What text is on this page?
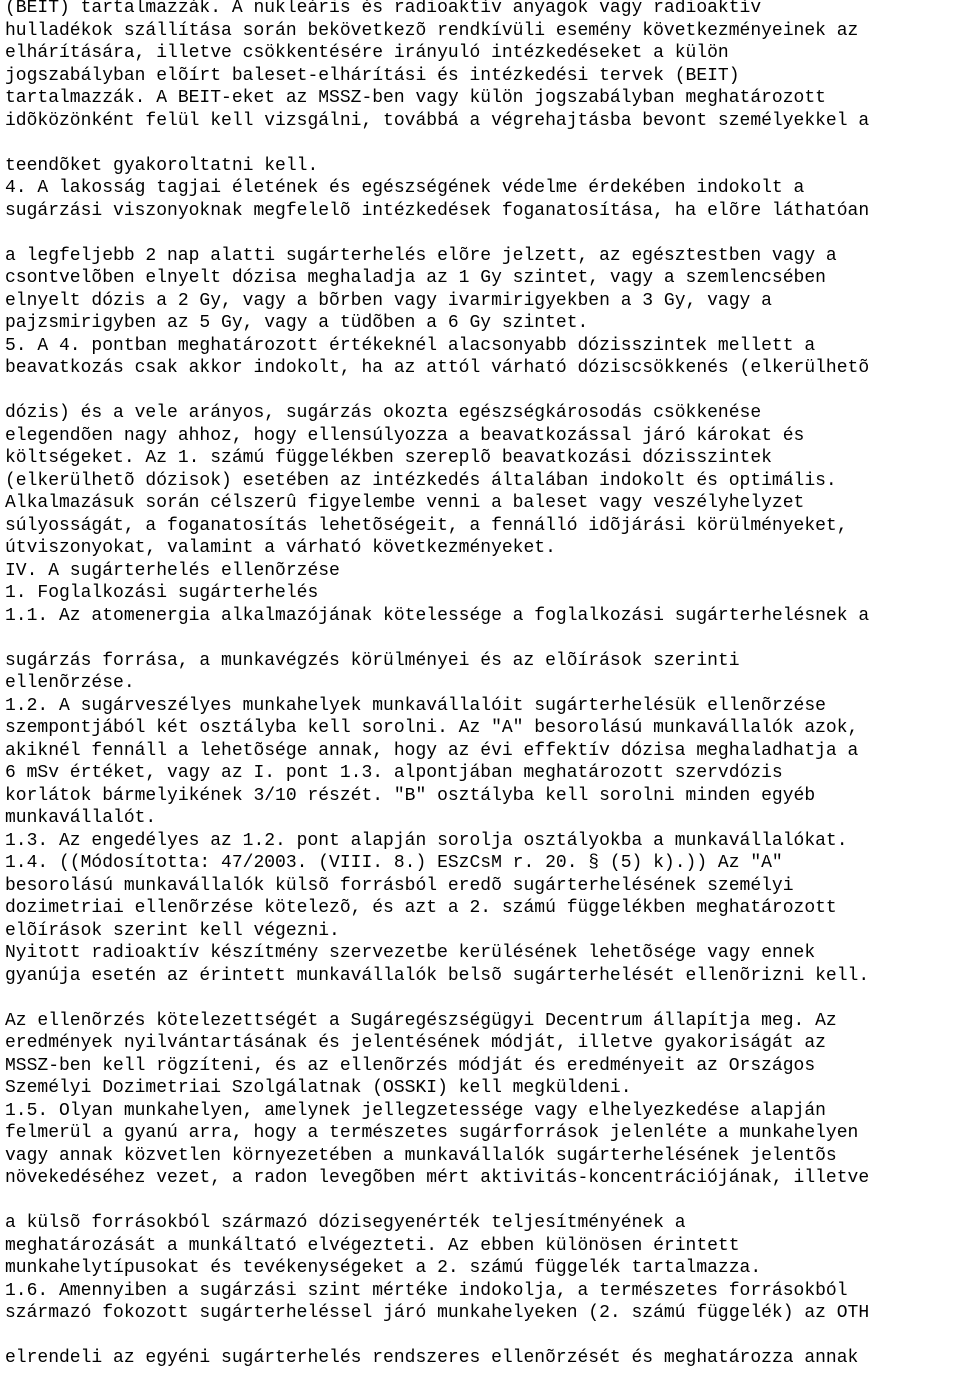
(BEIT) tartalmazzák. A nukleáris és radioaktív anyagok vagy radioaktív
hulladékok szállítása során bekövetkezõ rendkívüli esemény következményeinek az
elhárítására, illetve csökkentésére irányuló intézkedéseket a külön
jogszabályban elõírt baleset-elhárítási és intézkedési tervek (BEIT)
tartalmazzák. A BEIT-eket az MSSZ-ben vagy külön jogszabályban meghatározott
idõközönként felül kell vizsgálni, továbbá a végrehajtásba bevont személyekkel a
teendõket gyakoroltatni kell.
4. A lakosság tagjai életének és egészségének védelme érdekében indokolt a
sugárzási viszonyoknak megfelelõ intézkedések foganatosítása, ha elõre láthatóan
a legfeljebb 2 nap alatti sugárterhelés elõre jelzett, az egésztestben vagy a
csontvelõben elnyelt dózisa meghaladja az 1 Gy szintet, vagy a szemlencsében
elnyelt dózis a 2 Gy, vagy a bõrben vagy ivarmirigyekben a 3 Gy, vagy a
pajzsmirigyben az 5 Gy, vagy a tüdõben a 6 Gy szintet.
5. A 4. pontban meghatározott értékeknél alacsonyabb dózisszintek mellett a
beavatkozás csak akkor indokolt, ha az attól várható dóziscsökkenés (elkerülhetõ
dózis) és a vele arányos, sugárzás okozta egészségkárosodás csökkenése
elegendõen nagy ahhoz, hogy ellensúlyozza a beavatkozással járó károkat és
költségeket. Az 1. számú függelékben szereplõ beavatkozási dózisszintek
(elkerülhetõ dózisok) esetében az intézkedés általában indokolt és optimális.
Alkalmazásuk során célszerû figyelembe venni a baleset vagy veszélyhelyzet
súlyosságát, a foganatosítás lehetõségeit, a fennálló idõjárási körülményeket,
útviszonyokat, valamint a várható következményeket.
IV. A sugárterhelés ellenõrzése
1. Foglalkozási sugárterhelés
1.1. Az atomenergia alkalmazójának kötelessége a foglalkozási sugárterhelésnek a
sugárzás forrása, a munkavégzés körülményei és az elõírások szerinti
ellenõrzése.
1.2. A sugárveszélyes munkahelyek munkavállalóit sugárterhelésük ellenõrzése
szempontjából két osztályba kell sorolni. Az "A" besorolású munkavállalók azok,
akiknél fennáll a lehetõsége annak, hogy az évi effektív dózisa meghaladhatja a
6 mSv értéket, vagy az I. pont 1.3. alpontjában meghatározott szervdózis
korlátok bármelyikének 3/10 részét. "B" osztályba kell sorolni minden egyéb
munkavállalót.
1.3. Az engedélyes az 1.2. pont alapján sorolja osztályokba a munkavállalókat.
1.4. ((Módosította: 47/2003. (VIII. 8.) ESzCsM r. 20. § (5) k).)) Az "A"
besorolású munkavállalók külsõ forrásból eredõ sugárterhelésének személyi
dozimetriai ellenõrzése kötelezõ, és azt a 2. számú függelékben meghatározott
elõírások szerint kell végezni.
Nyitott radioaktív készítmény szervezetbe kerülésének lehetõsége vagy ennek
gyanúja esetén az érintett munkavállalók belsõ sugárterhelését ellenõrizni kell.
Az ellenõrzés kötelezettségét a Sugáregészségügyi Decentrum állapítja meg. Az
eredmények nyilvántartásának és jelentésének módját, illetve gyakoriságát az
MSSZ-ben kell rögzíteni, és az ellenõrzés módját és eredményeit az Országos
Személyi Dozimetriai Szolgálatnak (OSSKI) kell megküldeni.
1.5. Olyan munkahelyen, amelynek jellegzetessége vagy elhelyezkedése alapján
felmerül a gyanú arra, hogy a természetes sugárforrások jelenléte a munkahelyen
vagy annak közvetlen környezetében a munkavállalók sugárterhelésének jelentõs
növekedéséhez vezet, a radon levegõben mért aktivitás-koncentrációjának, illetve
a külsõ forrásokból származó dózisegyenérték teljesítményének a
meghatározását a munkáltató elvégezteti. Az ebben különösen érintett
munkahelytípusokat és tevékenységeket a 2. számú függelék tartalmazza.
1.6. Amennyiben a sugárzási szint mértéke indokolja, a természetes forrásokból
származó fokozott sugárterheléssel járó munkahelyeken (2. számú függelék) az OTH
elrendeli az egyéni sugárterhelés rendszeres ellenõrzését és meghatározza annak
